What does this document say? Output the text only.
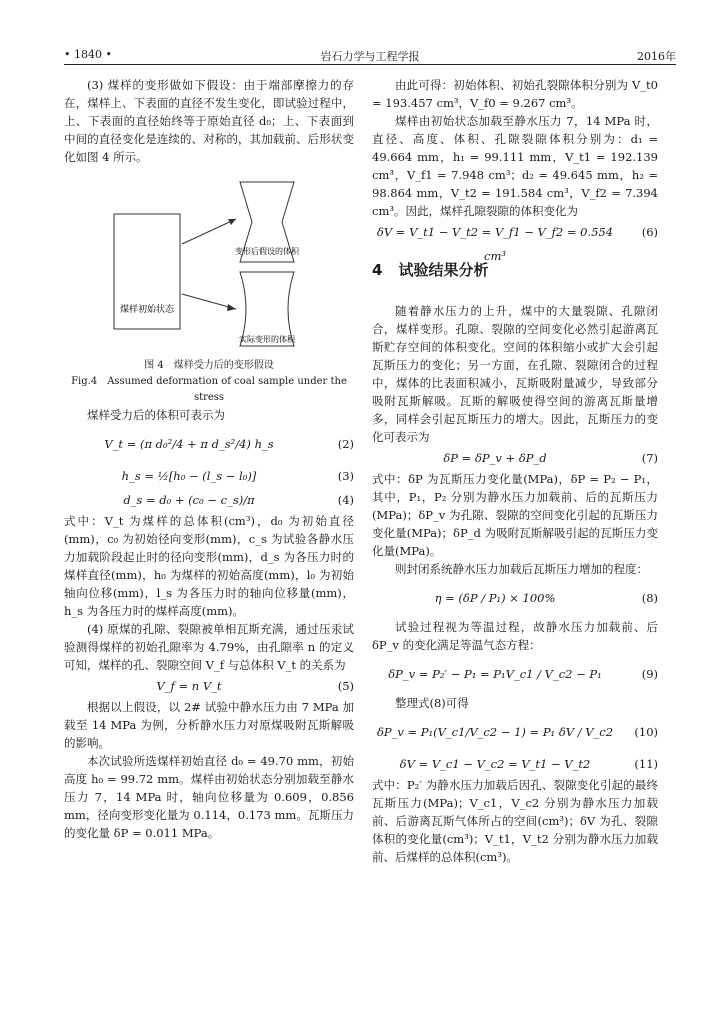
• 1840 •	岩石力学与工程学报	2016年

(3) 煤样的变形做如下假设：由于端部摩擦力的存在，煤样上、下表面的直径不发生变化，即试验过程中，上、下表面的直径始终等于原始直径 d₀；上、下表面到中间的直径变化是连续的、对称的，其加载前、后形状变化如图 4 所示。

煤样初始状态
变形后假设的体积
实际变形的体积
图 4　煤样受力后的变形假设
Fig.4　Assumed deformation of coal sample under the stress

煤样受力后的体积可表示为

V_t = (π d₀²/4 + π d_s²/4) h_s	(2)
h_s = ½[h₀ − (l_s − l₀)]	(3)
d_s = d₀ + (c₀ − c_s)/π	(4)

式中：V_t 为煤样的总体积(cm³)，d₀ 为初始直径(mm)，c₀ 为初始径向变形(mm)，c_s 为试验各静水压力加载阶段起止时的径向变形(mm)，d_s 为各压力时的煤样直径(mm)，h₀ 为煤样的初始高度(mm)，l₀ 为初始轴向位移(mm)，l_s 为各压力时的轴向位移量(mm)，h_s 为各压力时的煤样高度(mm)。

(4) 原煤的孔隙、裂隙被单相瓦斯充满，通过压汞试验测得煤样的初始孔隙率为 4.79%，由孔隙率 n 的定义可知，煤样的孔、裂隙空间 V_f 与总体积 V_t 的关系为

V_f = n V_t	(5)

根据以上假设，以 2# 试验中静水压力由 7 MPa 加载至 14 MPa 为例，分析静水压力对原煤吸附瓦斯解吸的影响。

本次试验所选煤样初始直径 d₀ = 49.70 mm，初始高度 h₀ = 99.72 mm。煤样由初始状态分别加载至静水压力 7，14 MPa 时，轴向位移量为 0.609，0.856 mm，径向变形变化量为 0.114，0.173 mm。瓦斯压力的变化量 δP = 0.011 MPa。

由此可得：初始体积、初始孔裂隙体积分别为 V_t0 = 193.457 cm³，V_f0 = 9.267 cm³。

煤样由初始状态加载至静水压力 7，14 MPa 时，直径、高度、体积、孔隙裂隙体积分别为：d₁ = 49.664 mm，h₁ = 99.111 mm，V_t1 = 192.139 cm³，V_f1 = 7.948 cm³；d₂ = 49.645 mm，h₂ = 98.864 mm，V_t2 = 191.584 cm³，V_f2 = 7.394 cm³。因此，煤样孔隙裂隙的体积变化为

δV = V_t1 − V_t2 = V_f1 − V_f2 = 0.554 cm³
(6)
4 试验结果分析

随着静水压力的上升，煤中的大量裂隙、孔隙闭合，煤样变形。孔隙、裂隙的空间变化必然引起游离瓦斯贮存空间的体积变化。空间的体积缩小或扩大会引起瓦斯压力的变化；另一方面，在孔隙、裂隙闭合的过程中，煤体的比表面积减小，瓦斯吸附量减少，导致部分吸附瓦斯解吸。瓦斯的解吸使得空间的游离瓦斯量增多，同样会引起瓦斯压力的增大。因此，瓦斯压力的变化可表示为

δP = δP_v + δP_d	(7)

式中：δP 为瓦斯压力变化量(MPa)，δP = P₂ − P₁，其中，P₁，P₂ 分别为静水压力加载前、后的瓦斯压力(MPa)；δP_v 为孔隙、裂隙的空间变化引起的瓦斯压力变化量(MPa)；δP_d 为吸附瓦斯解吸引起的瓦斯压力变化量(MPa)。

则封闭系统静水压力加载后瓦斯压力增加的程度：

η = (δP / P₁) × 100%	(8)

试验过程视为等温过程，故静水压力加载前、后 δP_v 的变化满足等温气态方程：

δP_v = P₂′ − P₁ = P₁V_c1 / V_c2 − P₁	(9)

整理式(8)可得

δP_v = P₁(V_c1/V_c2 − 1) = P₁ δV / V_c2	(10)
δV = V_c1 − V_c2 = V_t1 − V_t2	(11)

式中：P₂′ 为静水压力加载后因孔、裂隙变化引起的最终瓦斯压力(MPa)；V_c1，V_c2 分别为静水压力加载前、后游离瓦斯气体所占的空间(cm³)；δV 为孔、裂隙体积的变化量(cm³)；V_t1，V_t2 分别为静水压力加载前、后煤样的总体积(cm³)。
